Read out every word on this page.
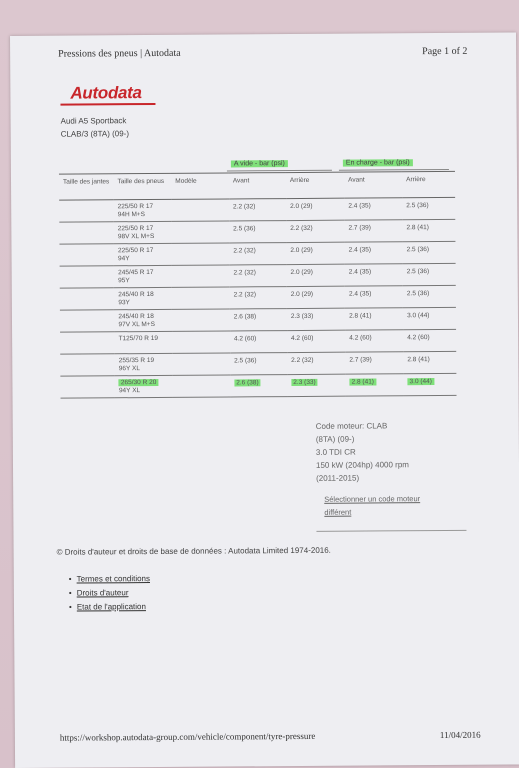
Pressions des pneus | Autodata	Page 1 of 2
Autodata
Audi A5 Sportback
CLAB/3 (8TA) (09-)
A vide - bar (psi)	En charge - bar (psi)
Taille des jantes	Taille des pneus	Modèle	Avant	Arrière	Avant	Arrière
	225/50 R 17
94H M+S		2.2 (32)	2.0 (29)	2.4 (35)	2.5 (36)
	225/50 R 17
98V XL M+S		2.5 (36)	2.2 (32)	2.7 (39)	2.8 (41)
	225/50 R 17
94Y		2.2 (32)	2.0 (29)	2.4 (35)	2.5 (36)
	245/45 R 17
95Y		2.2 (32)	2.0 (29)	2.4 (35)	2.5 (36)
	245/40 R 18
93Y		2.2 (32)	2.0 (29)	2.4 (35)	2.5 (36)
	245/40 R 18
97V XL M+S		2.6 (38)	2.3 (33)	2.8 (41)	3.0 (44)
	T125/70 R 19		4.2 (60)	4.2 (60)	4.2 (60)	4.2 (60)
	255/35 R 19
96Y XL		2.5 (36)	2.2 (32)	2.7 (39)	2.8 (41)
	265/30 R 20
94Y XL		2.6 (38)	2.3 (33)	2.8 (41)	3.0 (44)
Code moteur: CLAB
(8TA) (09-)
3.0 TDI CR
150 kW (204hp) 4000 rpm
(2011-2015)
Sélectionner un code moteur
différent
© Droits d'auteur et droits de base de données : Autodata Limited 1974-2016.
• Termes et conditions
• Droits d'auteur
• Etat de l'application
https://workshop.autodata-group.com/vehicle/component/tyre-pressure	11/04/2016
